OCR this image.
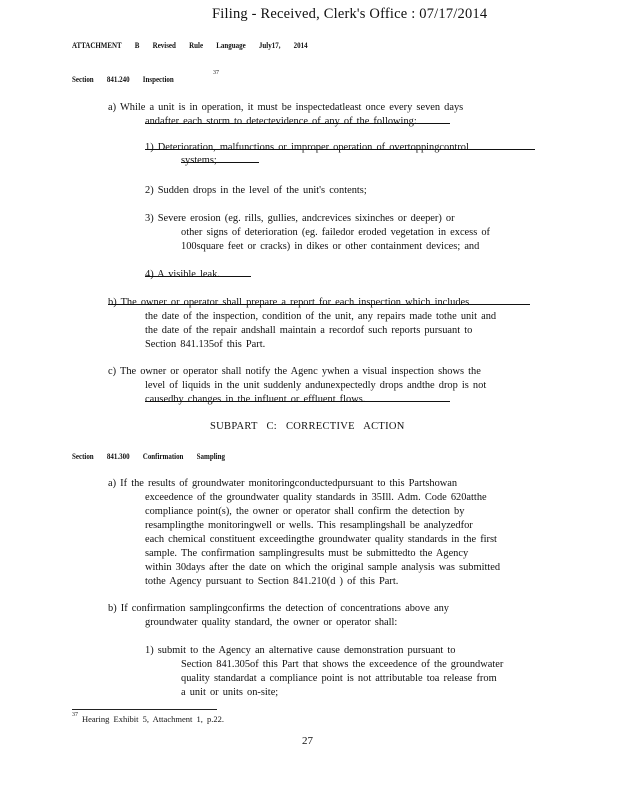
Filing - Received, Clerk's Office : 07/17/2014
ATTACHMENT B Revised Rule Language July17, 2014
Section 841.240 Inspection
37
a) While a unit is in operation, it must be inspectedatleast once every seven days
andafter each storm to detectevidence of any of the following:
1) Deterioration, malfunctions or improper operation of overtoppingcontrol
systems;
2) Sudden drops in the level of the unit's contents;
3) Severe erosion (eg. rills, gullies, andcrevices sixinches or deeper) or
other signs of deterioration (eg. failedor eroded vegetation in excess of
100square feet or cracks) in dikes or other containment devices; and
4) A visible leak.
b) The owner or operator shall prepare a report for each inspection which includes
the date of the inspection, condition of the unit, any repairs made tothe unit and
the date of the repair andshall maintain a recordof such reports pursuant to
Section 841.135of this Part.
c) The owner or operator shall notify the Agenc ywhen a visual inspection shows the
level of liquids in the unit suddenly andunexpectedly drops andthe drop is not
causedby changes in the influent or effluent flows.
SUBPART C: CORRECTIVE ACTION
Section 841.300 Confirmation Sampling
a) If the results of groundwater monitoringconductedpursuant to this Partshowan
exceedence of the groundwater quality standards in 35Ill. Adm. Code 620atthe
compliance point(s), the owner or operator shall confirm the detection by
resamplingthe monitoringwell or wells. This resamplingshall be analyzedfor
each chemical constituent exceedingthe groundwater quality standards in the first
sample. The confirmation samplingresults must be submittedto the Agency
within 30days after the date on which the original sample analysis was submitted
tothe Agency pursuant to Section 841.210(d ) of this Part.
b) If confirmation samplingconfirms the detection of concentrations above any
groundwater quality standard, the owner or operator shall:
1) submit to the Agency an alternative cause demonstration pursuant to
Section 841.305of this Part that shows the exceedence of the groundwater
quality standardat a compliance point is not attributable toa release from
a unit or units on-site;
37 Hearing Exhibit 5, Attachment 1, p.22.
27
